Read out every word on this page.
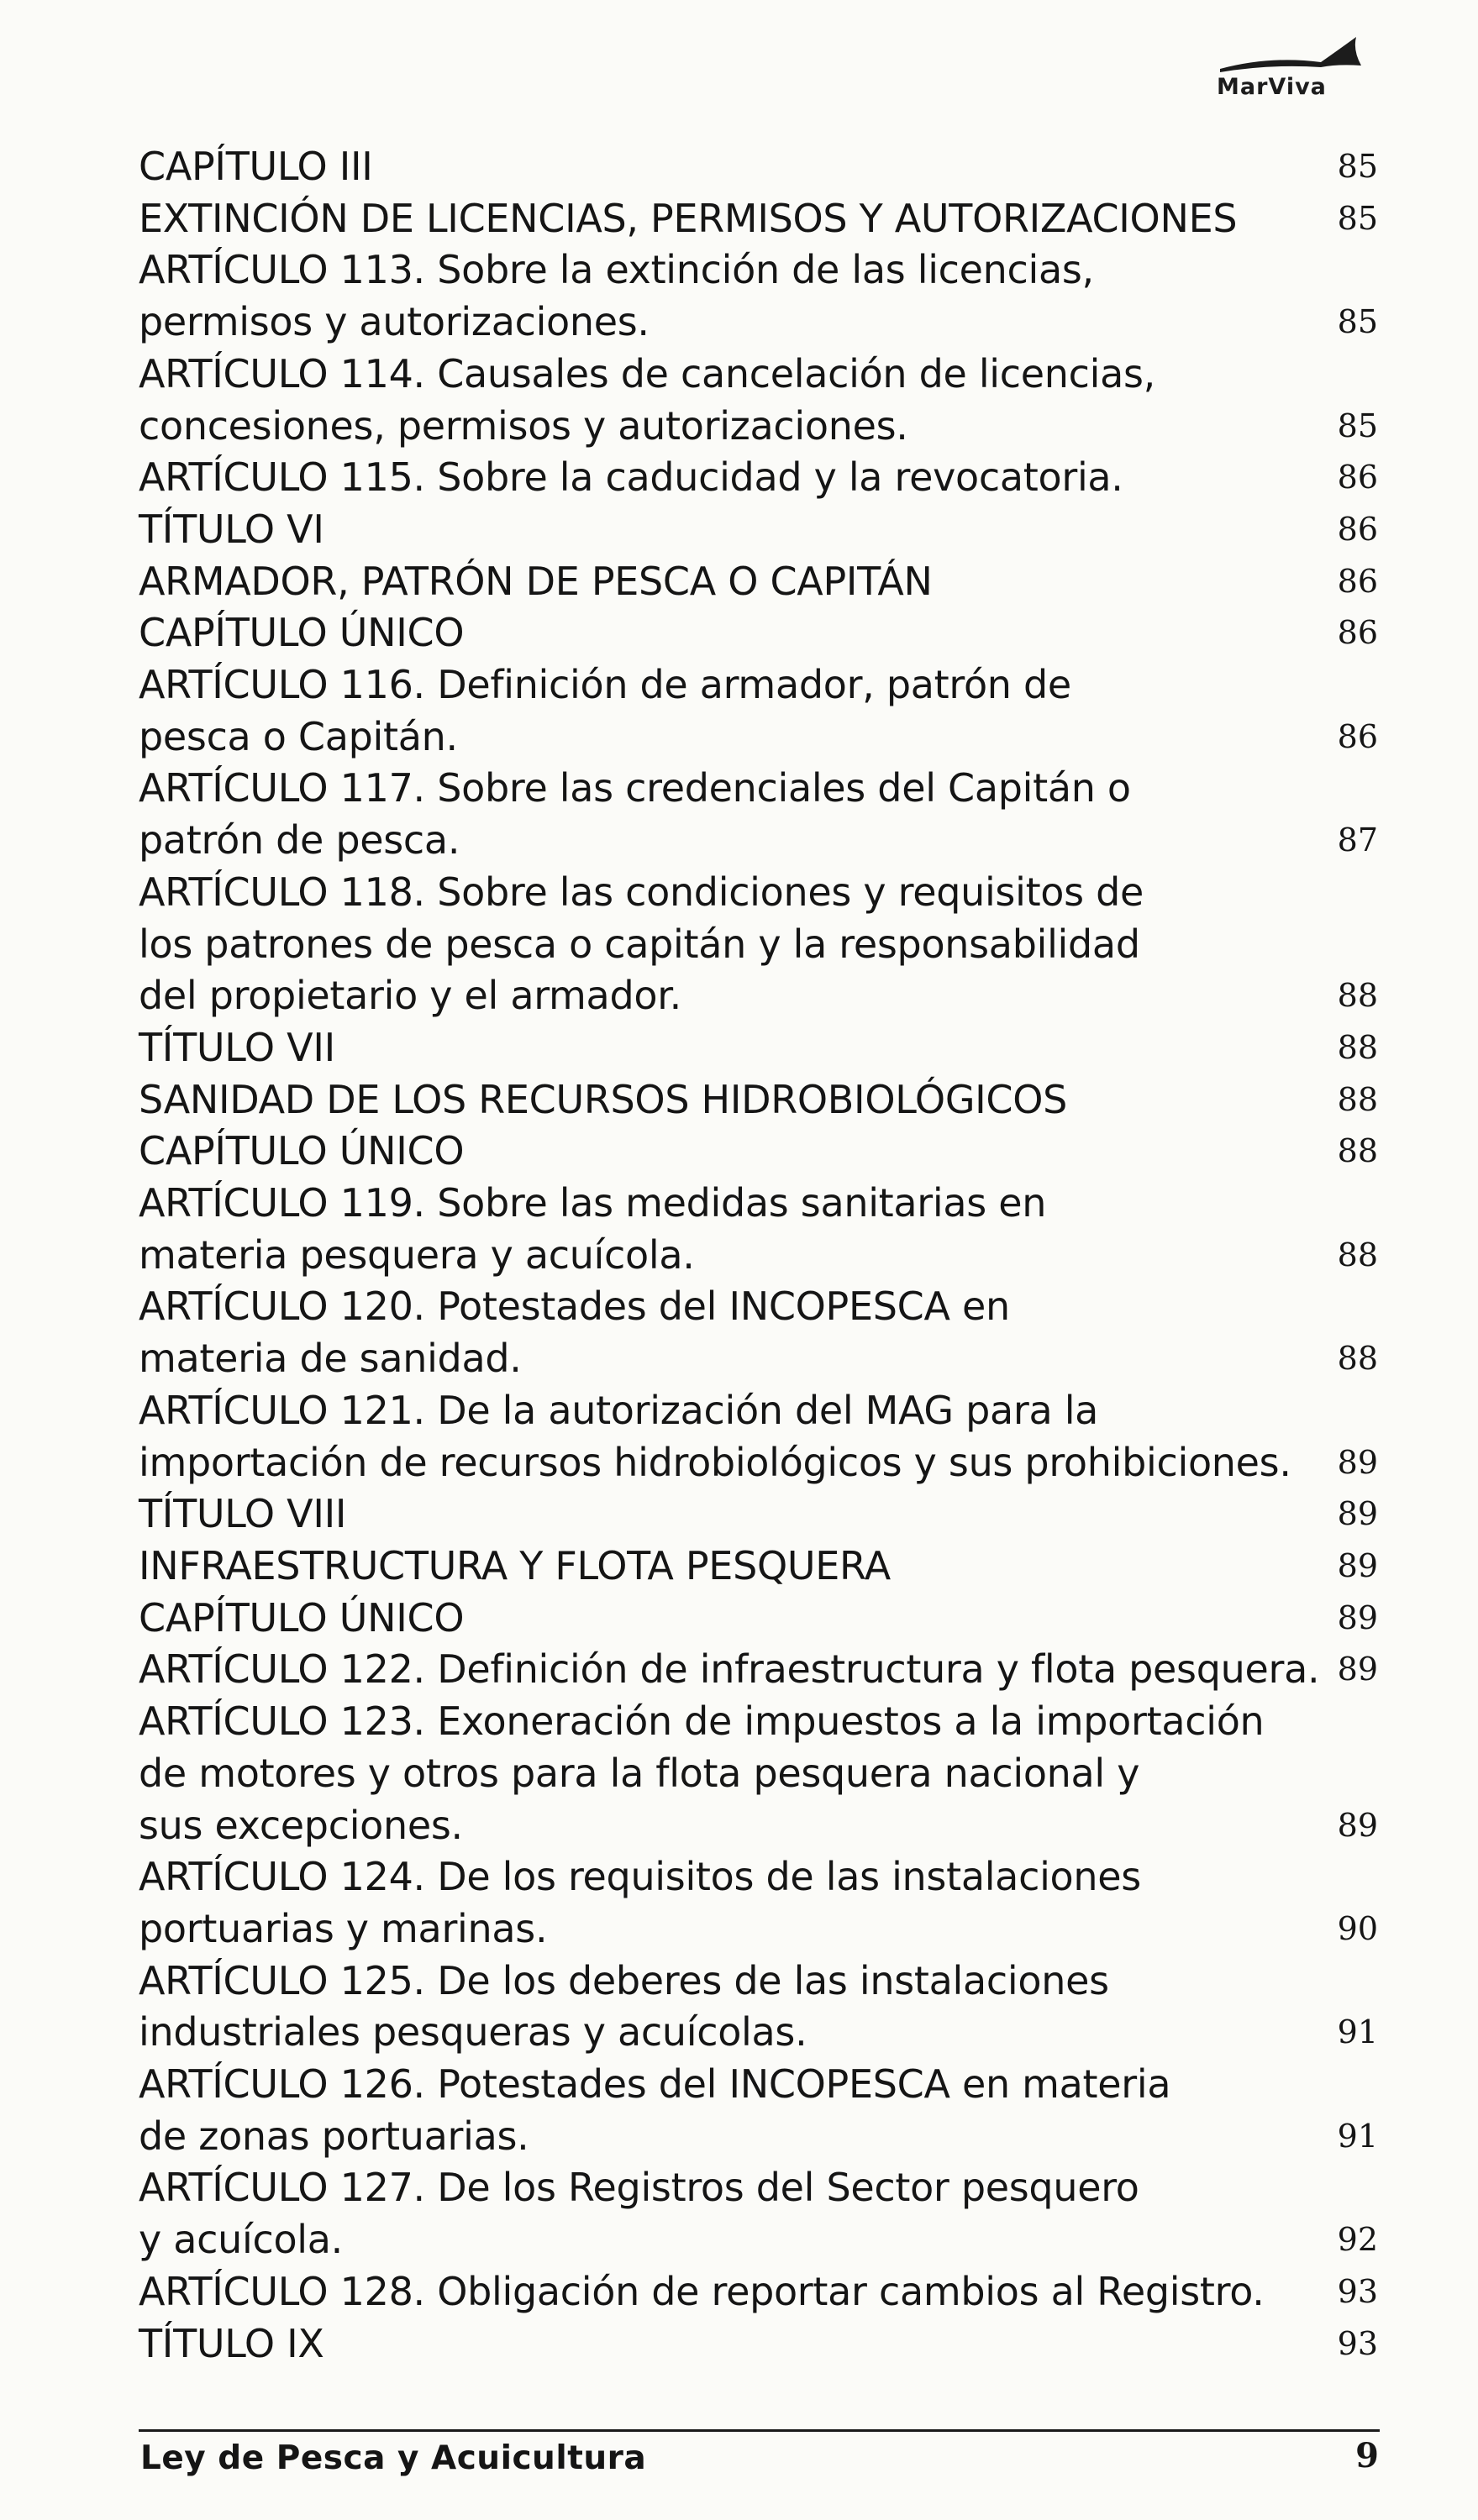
MarViva
CAPÍTULO III	85
EXTINCIÓN DE LICENCIAS, PERMISOS Y AUTORIZACIONES	85
ARTÍCULO 113. Sobre la extinción de las licencias,
permisos y autorizaciones.	85
ARTÍCULO 114. Causales de cancelación de licencias,
concesiones, permisos y autorizaciones.	85
ARTÍCULO 115. Sobre la caducidad y la revocatoria.	86
TÍTULO VI	86
ARMADOR, PATRÓN DE PESCA O CAPITÁN	86
CAPÍTULO ÚNICO	86
ARTÍCULO 116. Definición de armador, patrón de
pesca o Capitán.	86
ARTÍCULO 117. Sobre las credenciales del Capitán o
patrón de pesca.	87
ARTÍCULO 118. Sobre las condiciones y requisitos de
los patrones de pesca o capitán y la responsabilidad
del propietario y el armador.	88
TÍTULO VII	88
SANIDAD DE LOS RECURSOS HIDROBIOLÓGICOS	88
CAPÍTULO ÚNICO	88
ARTÍCULO 119. Sobre las medidas sanitarias en
materia pesquera y acuícola.	88
ARTÍCULO 120. Potestades del INCOPESCA en
materia de sanidad.	88
ARTÍCULO 121. De la autorización del MAG para la
importación de recursos hidrobiológicos y sus prohibiciones.	89
TÍTULO VIII	89
INFRAESTRUCTURA Y FLOTA PESQUERA	89
CAPÍTULO ÚNICO	89
ARTÍCULO 122. Definición de infraestructura y flota pesquera. 89
ARTÍCULO 123. Exoneración de impuestos a la importación
de motores y otros para la flota pesquera nacional y
sus excepciones.	89
ARTÍCULO 124. De los requisitos de las instalaciones
portuarias y marinas.	90
ARTÍCULO 125. De los deberes de las instalaciones
industriales pesqueras y acuícolas.	91
ARTÍCULO 126. Potestades del INCOPESCA en materia
de zonas portuarias.	91
ARTÍCULO 127. De los Registros del Sector pesquero
y acuícola.	92
ARTÍCULO 128. Obligación de reportar cambios al Registro.	93
TÍTULO IX	93
Ley de Pesca y Acuicultura	9
